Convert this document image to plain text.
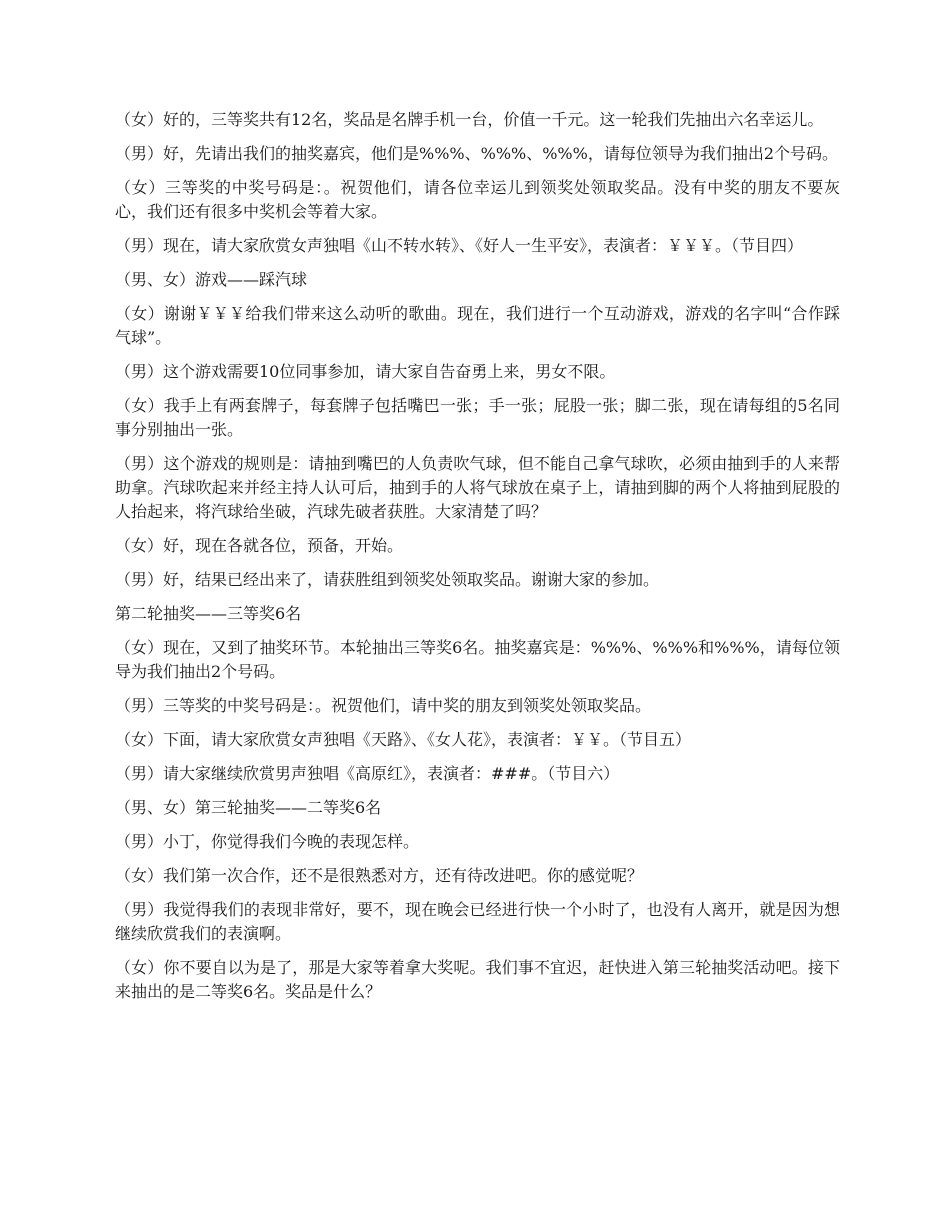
（女）好的，三等奖共有12名，奖品是名牌手机一台，价值一千元。这一轮我们先抽出六名幸运儿。

（男）好，先请出我们的抽奖嘉宾，他们是%%%、%%%、%%%，请每位领导为我们抽出2个号码。

（女）三等奖的中奖号码是：。祝贺他们，请各位幸运儿到领奖处领取奖品。没有中奖的朋友不要灰心，我们还有很多中奖机会等着大家。

（男）现在，请大家欣赏女声独唱《山不转水转》、《好人一生平安》，表演者：￥￥￥。（节目四）

（男、女）游戏——踩汽球

（女）谢谢￥￥￥给我们带来这么动听的歌曲。现在，我们进行一个互动游戏，游戏的名字叫“合作踩气球”。

（男）这个游戏需要10位同事参加，请大家自告奋勇上来，男女不限。

（女）我手上有两套牌子，每套牌子包括嘴巴一张；手一张；屁股一张；脚二张，现在请每组的5名同事分别抽出一张。

（男）这个游戏的规则是：请抽到嘴巴的人负责吹气球，但不能自己拿气球吹，必须由抽到手的人来帮助拿。汽球吹起来并经主持人认可后，抽到手的人将气球放在桌子上，请抽到脚的两个人将抽到屁股的人抬起来，将汽球给坐破，汽球先破者获胜。大家清楚了吗？

（女）好，现在各就各位，预备，开始。

（男）好，结果已经出来了，请获胜组到领奖处领取奖品。谢谢大家的参加。

第二轮抽奖——三等奖6名

（女）现在，又到了抽奖环节。本轮抽出三等奖6名。抽奖嘉宾是：%%%、%%%和%%%，请每位领导为我们抽出2个号码。

（男）三等奖的中奖号码是：。祝贺他们，请中奖的朋友到领奖处领取奖品。

（女）下面，请大家欣赏女声独唱《天路》、《女人花》，表演者：￥￥。（节目五）

（男）请大家继续欣赏男声独唱《高原红》，表演者：###。（节目六）

（男、女）第三轮抽奖——二等奖6名

（男）小丁，你觉得我们今晚的表现怎样。

（女）我们第一次合作，还不是很熟悉对方，还有待改进吧。你的感觉呢？

（男）我觉得我们的表现非常好，要不，现在晚会已经进行快一个小时了，也没有人离开，就是因为想继续欣赏我们的表演啊。

（女）你不要自以为是了，那是大家等着拿大奖呢。我们事不宜迟，赶快进入第三轮抽奖活动吧。接下来抽出的是二等奖6名。奖品是什么？
